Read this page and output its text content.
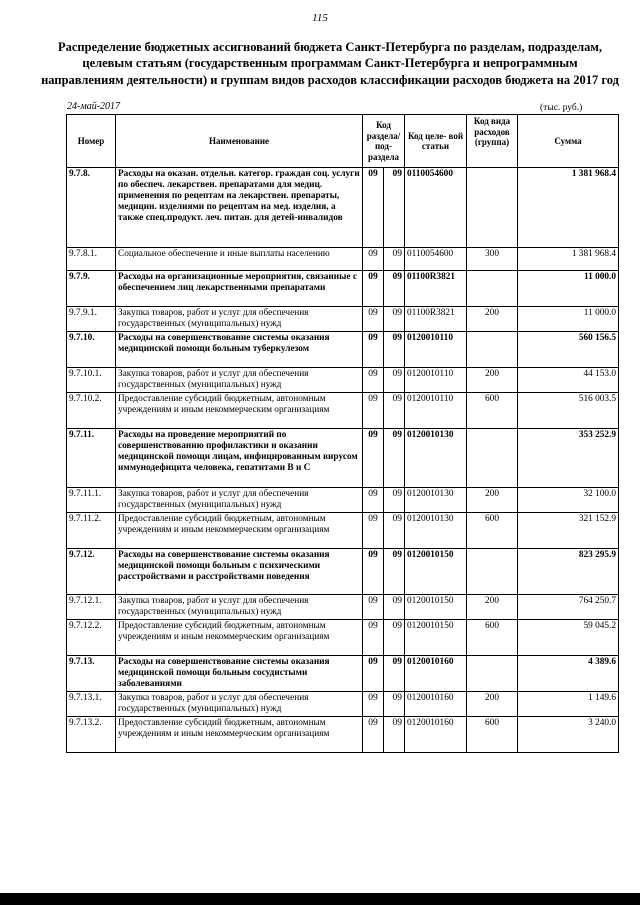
115
Распределение бюджетных ассигнований бюджета Санкт-Петербурга по разделам, подразделам, целевым статьям (государственным программам Санкт-Петербурга и непрограммным направлениям деятельности) и группам видов расходов классификации расходов бюджета на 2017 год
24-май-2017	(тыс. руб.)
Номер	Наименование	Код раздела/ под- раздела		Код целе- вой статьи	Код вида расходов (группа)	Сумма
9.7.8.	Расходы на оказан. отдельн. категор. граждан соц. услуги по обеспеч. лекарствен. препаратами для медиц. применения по рецептам на лекарствен. препараты, медицин. изделиями по рецептам на мед. изделия, а также спец.продукт. леч. питан. для детей-инвалидов	09	09	0110054600		1 381 968.4
9.7.8.1.	Социальное обеспечение и иные выплаты населению	09	09	0110054600	300	1 381 968.4
9.7.9.	Расходы на организационные мероприятия, связанные с обеспечением лиц лекарственными препаратами	09	09	01100R3821		11 000.0
9.7.9.1.	Закупка товаров, работ и услуг для обеспечения государственных (муниципальных) нужд	09	09	01100R3821	200	11 000.0
9.7.10.	Расходы на совершенствование системы оказания медицинской помощи больным туберкулезом	09	09	0120010110		560 156.5
9.7.10.1.	Закупка товаров, работ и услуг для обеспечения государственных (муниципальных) нужд	09	09	0120010110	200	44 153.0
9.7.10.2.	Предоставление субсидий бюджетным, автономным учреждениям и иным некоммерческим организациям	09	09	0120010110	600	516 003.5
9.7.11.	Расходы на проведение мероприятий по совершенствованию профилактики и оказании медицинской помощи лицам, инфицированным вирусом иммунодефицита человека, гепатитами В и С	09	09	0120010130		353 252.9
9.7.11.1.	Закупка товаров, работ и услуг для обеспечения государственных (муниципальных) нужд	09	09	0120010130	200	32 100.0
9.7.11.2.	Предоставление субсидий бюджетным, автономным учреждениям и иным некоммерческим организациям	09	09	0120010130	600	321 152.9
9.7.12.	Расходы на совершенствование системы оказания медицинской помощи больным с психическими расстройствами и расстройствами поведения	09	09	0120010150		823 295.9
9.7.12.1.	Закупка товаров, работ и услуг для обеспечения государственных (муниципальных) нужд	09	09	0120010150	200	764 250.7
9.7.12.2.	Предоставление субсидий бюджетным, автономным учреждениям и иным некоммерческим организациям	09	09	0120010150	600	59 045.2
9.7.13.	Расходы на совершенствование системы оказания медицинской помощи больным сосудистыми заболеваниями	09	09	0120010160		4 389.6
9.7.13.1.	Закупка товаров, работ и услуг для обеспечения государственных (муниципальных) нужд	09	09	0120010160	200	1 149.6
9.7.13.2.	Предоставление субсидий бюджетным, автономным учреждениям и иным некоммерческим организациям	09	09	0120010160	600	3 240.0
